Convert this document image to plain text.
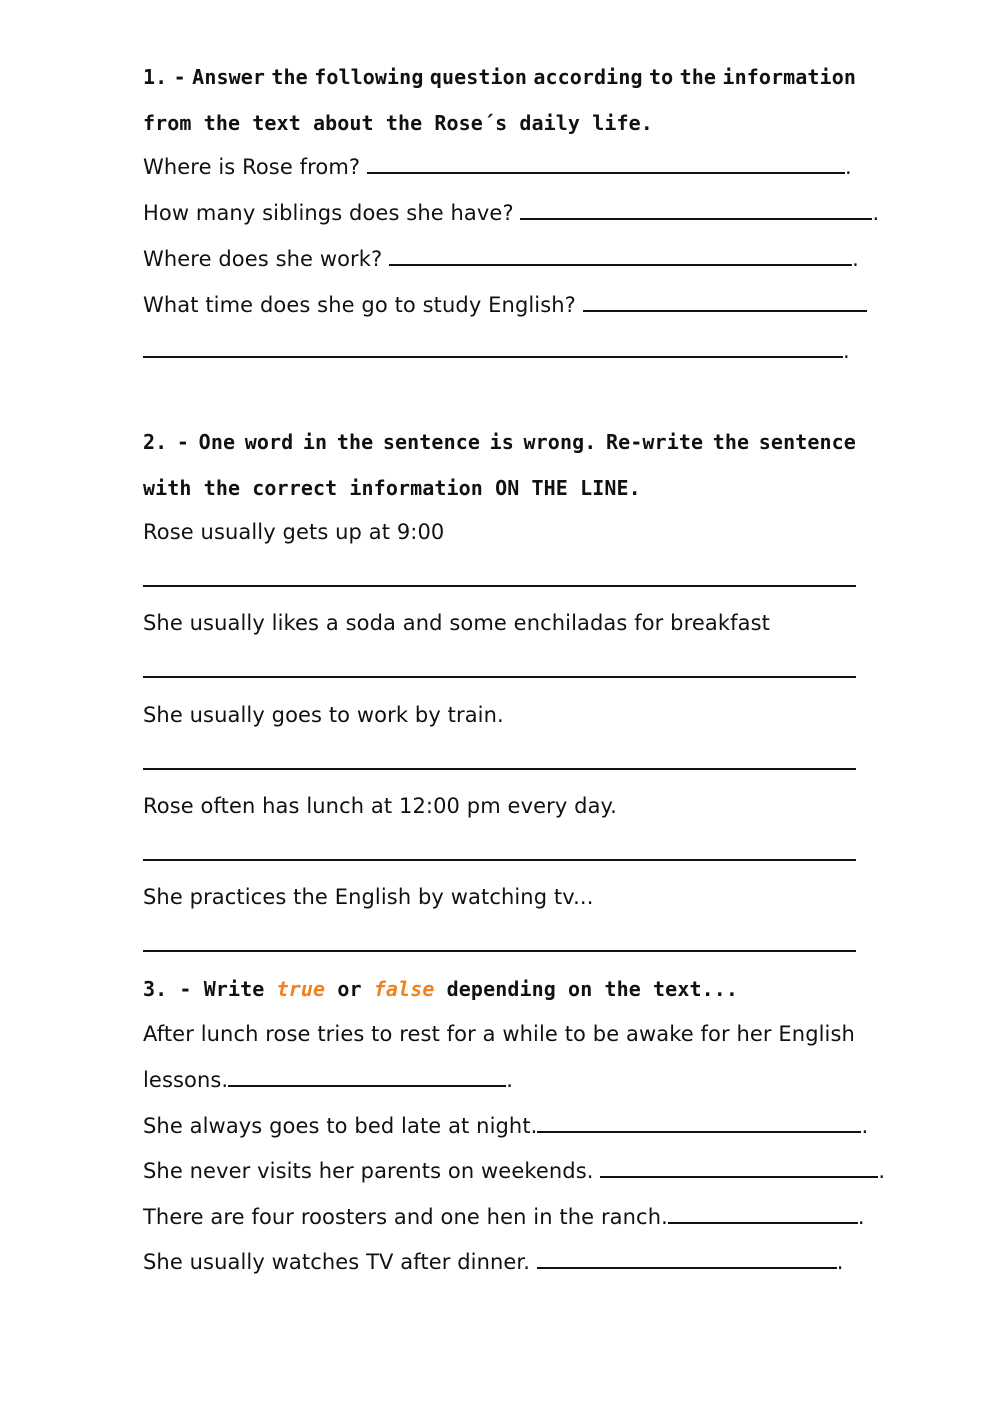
1. - Answer the following question according to the information
from the text about the Rose´s daily life.
Where is Rose from?	.
How many siblings does she have?	.
Where does she work?	.
What time does she go to study English?
.
2. - One word in the sentence is wrong. Re-write the sentence
with the correct information ON THE LINE.
Rose usually gets up at 9:00
She usually likes a soda and some enchiladas for breakfast
She usually goes to work by train.
Rose often has lunch at 12:00 pm every day.
She practices the English by watching tv...
3. - Write true or false depending on the text...
After lunch rose tries to rest for a while to be awake for her English
lessons.	.
She always goes to bed late at night.	.
She never visits her parents on weekends.	.
There are four roosters and one hen in the ranch.	.
She usually watches TV after dinner.	.
